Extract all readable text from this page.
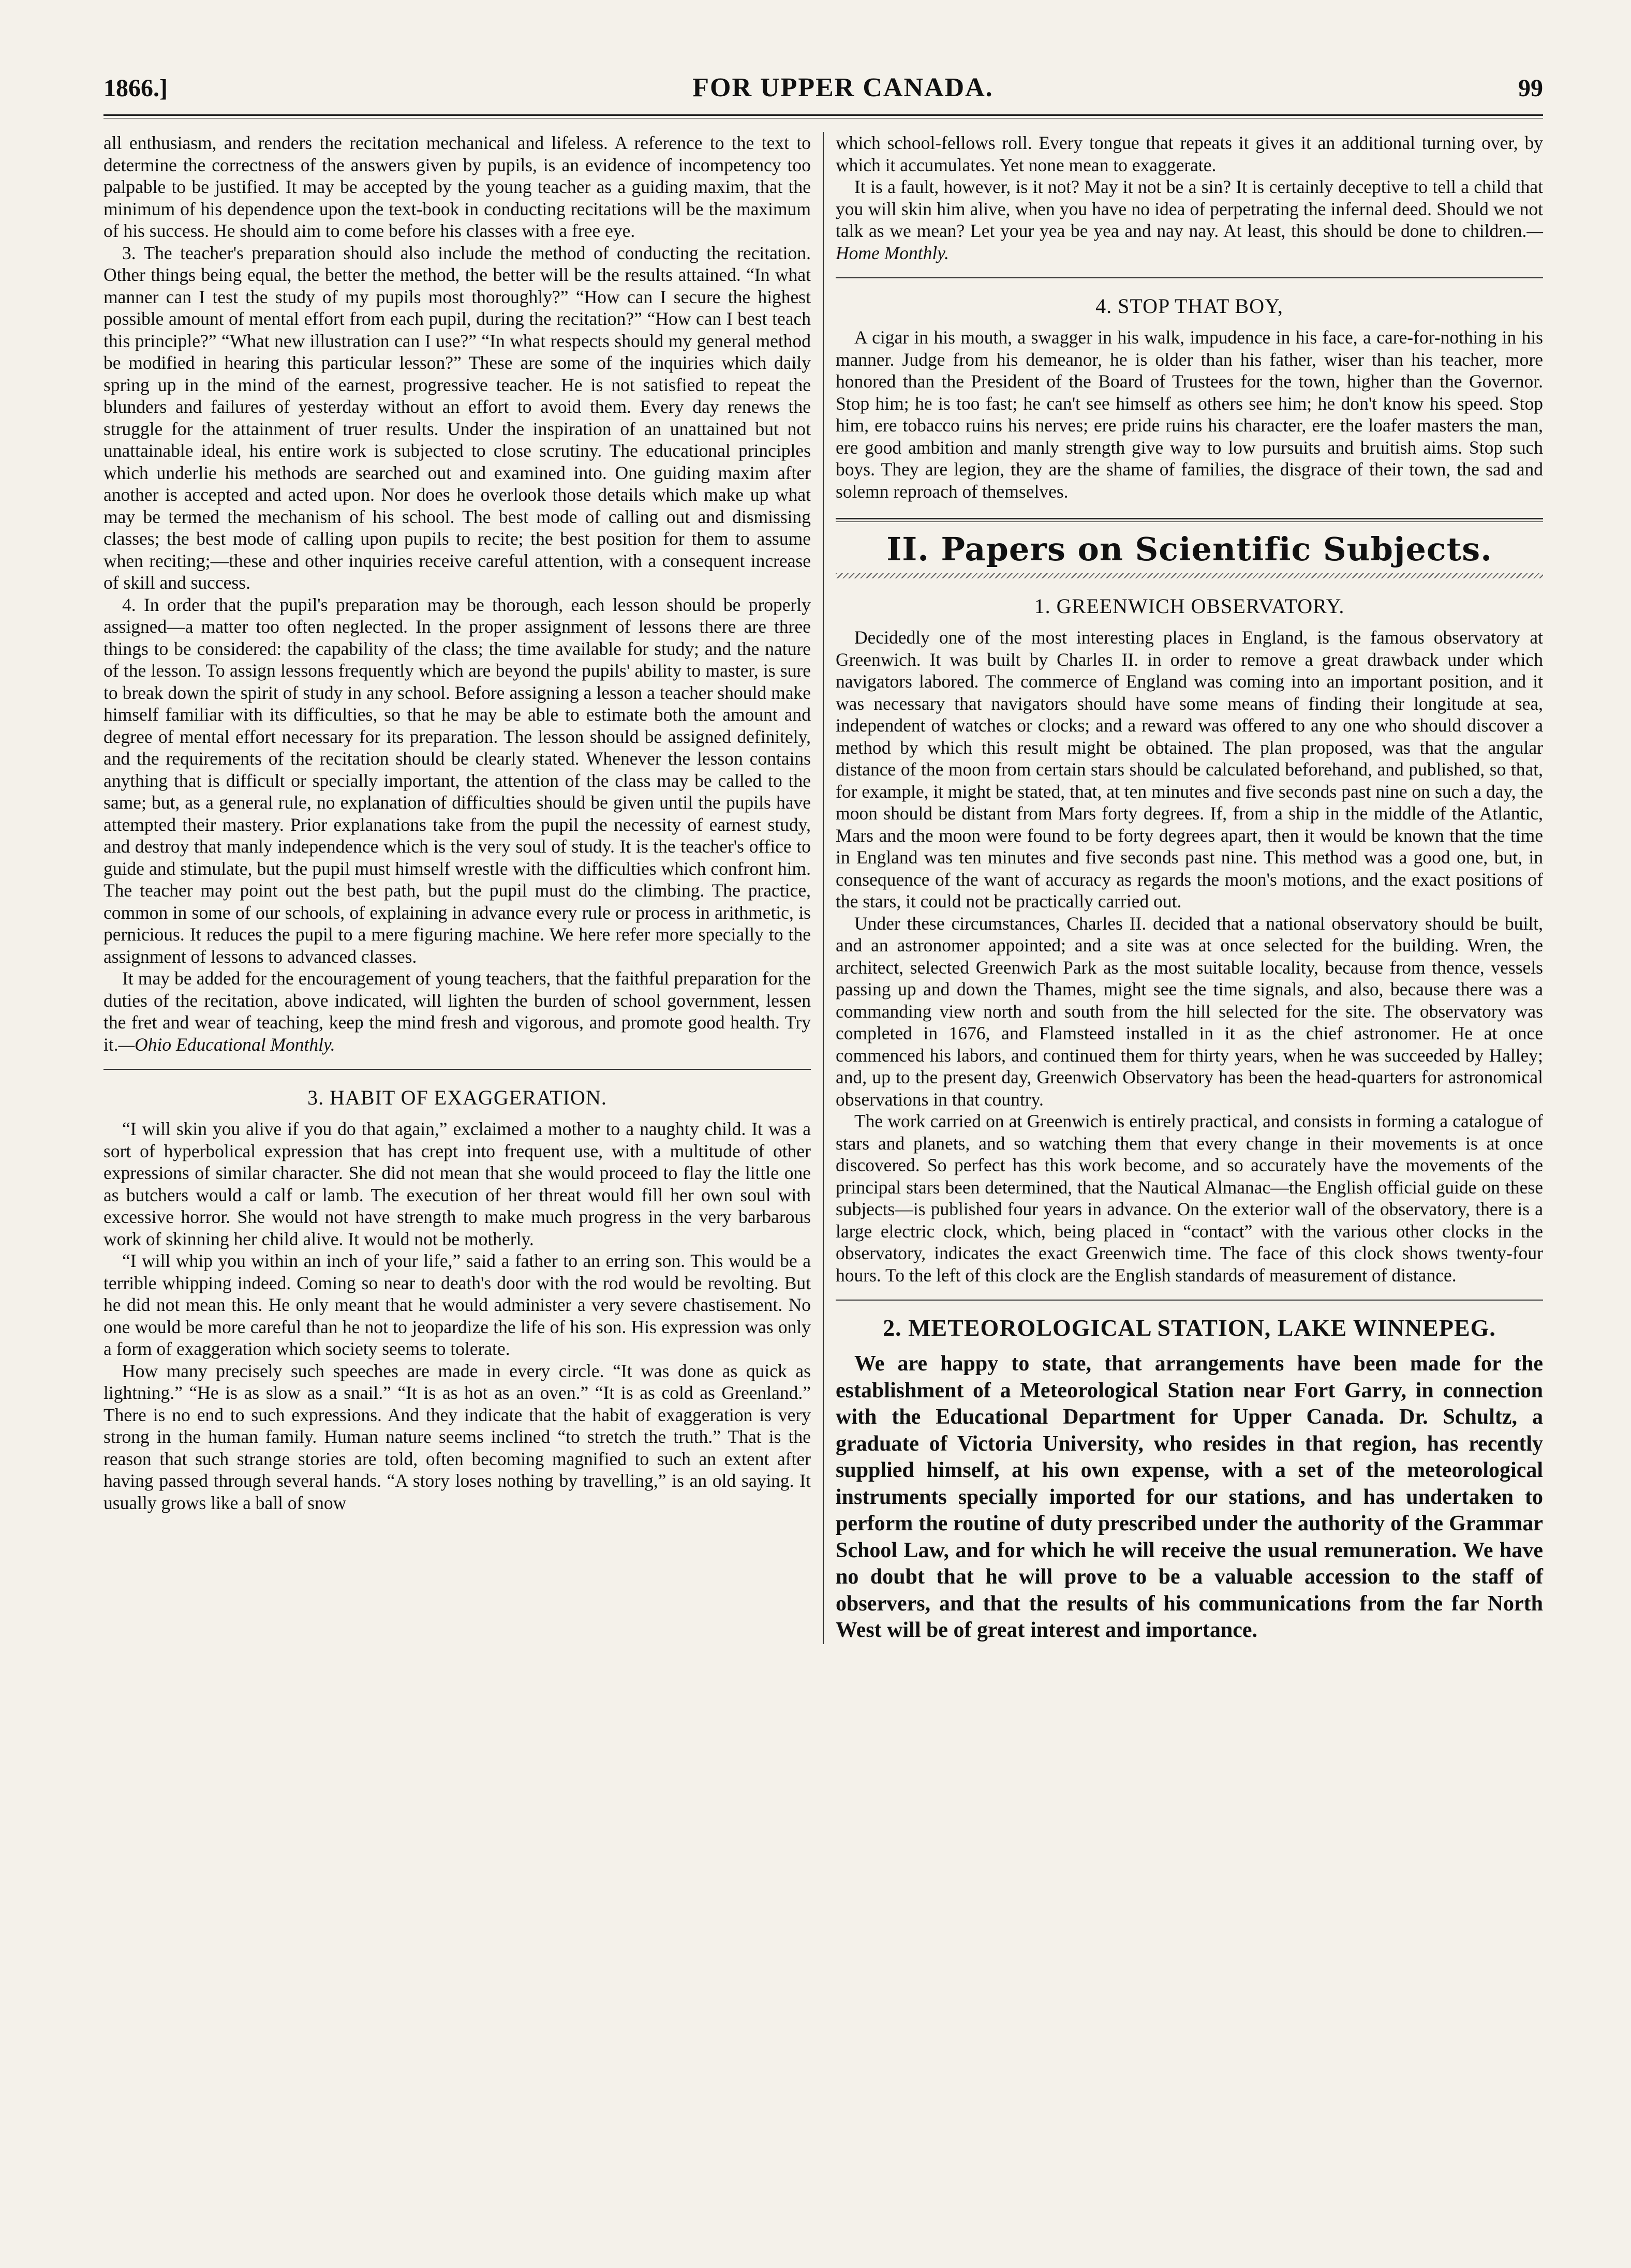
1866.]	FOR UPPER CANADA.	99

all enthusiasm, and renders the recitation mechanical and lifeless. A reference to the text to determine the correctness of the answers given by pupils, is an evidence of incompetency too palpable to be justified. It may be accepted by the young teacher as a guiding maxim, that the minimum of his dependence upon the text-book in conducting recitations will be the maximum of his success. He should aim to come before his classes with a free eye.

3. The teacher's preparation should also include the method of conducting the recitation. Other things being equal, the better the method, the better will be the results attained. “In what manner can I test the study of my pupils most thoroughly?” “How can I secure the highest possible amount of mental effort from each pupil, during the recitation?” “How can I best teach this principle?” “What new illustration can I use?” “In what respects should my general method be modified in hearing this particular lesson?” These are some of the inquiries which daily spring up in the mind of the earnest, progressive teacher. He is not satisfied to repeat the blunders and failures of yesterday without an effort to avoid them. Every day renews the struggle for the attainment of truer results. Under the inspiration of an unattained but not unattainable ideal, his entire work is subjected to close scrutiny. The educational principles which underlie his methods are searched out and examined into. One guiding maxim after another is accepted and acted upon. Nor does he overlook those details which make up what may be termed the mechanism of his school. The best mode of calling out and dismissing classes; the best mode of calling upon pupils to recite; the best position for them to assume when reciting;—these and other inquiries receive careful attention, with a consequent increase of skill and success.

4. In order that the pupil's preparation may be thorough, each lesson should be properly assigned—a matter too often neglected. In the proper assignment of lessons there are three things to be considered: the capability of the class; the time available for study; and the nature of the lesson. To assign lessons frequently which are beyond the pupils' ability to master, is sure to break down the spirit of study in any school. Before assigning a lesson a teacher should make himself familiar with its difficulties, so that he may be able to estimate both the amount and degree of mental effort necessary for its preparation. The lesson should be assigned definitely, and the requirements of the recitation should be clearly stated. Whenever the lesson contains anything that is difficult or specially important, the attention of the class may be called to the same; but, as a general rule, no explanation of difficulties should be given until the pupils have attempted their mastery. Prior explanations take from the pupil the necessity of earnest study, and destroy that manly independence which is the very soul of study. It is the teacher's office to guide and stimulate, but the pupil must himself wrestle with the difficulties which confront him. The teacher may point out the best path, but the pupil must do the climbing. The practice, common in some of our schools, of explaining in advance every rule or process in arithmetic, is pernicious. It reduces the pupil to a mere figuring machine. We here refer more specially to the assignment of lessons to advanced classes.

It may be added for the encouragement of young teachers, that the faithful preparation for the duties of the recitation, above indicated, will lighten the burden of school government, lessen the fret and wear of teaching, keep the mind fresh and vigorous, and promote good health. Try it.—Ohio Educational Monthly.

3. HABIT OF EXAGGERATION.

“I will skin you alive if you do that again,” exclaimed a mother to a naughty child. It was a sort of hyperbolical expression that has crept into frequent use, with a multitude of other expressions of similar character. She did not mean that she would proceed to flay the little one as butchers would a calf or lamb. The execution of her threat would fill her own soul with excessive horror. She would not have strength to make much progress in the very barbarous work of skinning her child alive. It would not be motherly.

“I will whip you within an inch of your life,” said a father to an erring son. This would be a terrible whipping indeed. Coming so near to death's door with the rod would be revolting. But he did not mean this. He only meant that he would administer a very severe chastisement. No one would be more careful than he not to jeopardize the life of his son. His expression was only a form of exaggeration which society seems to tolerate.

How many precisely such speeches are made in every circle. “It was done as quick as lightning.” “He is as slow as a snail.” “It is as hot as an oven.” “It is as cold as Greenland.” There is no end to such expressions. And they indicate that the habit of exaggeration is very strong in the human family. Human nature seems inclined “to stretch the truth.” That is the reason that such strange stories are told, often becoming magnified to such an extent after having passed through several hands. “A story loses nothing by travelling,” is an old saying. It usually grows like a ball of snow

which school-fellows roll. Every tongue that repeats it gives it an additional turning over, by which it accumulates. Yet none mean to exaggerate.

It is a fault, however, is it not? May it not be a sin? It is certainly deceptive to tell a child that you will skin him alive, when you have no idea of perpetrating the infernal deed. Should we not talk as we mean? Let your yea be yea and nay nay. At least, this should be done to children.—Home Monthly.

4. STOP THAT BOY,

A cigar in his mouth, a swagger in his walk, impudence in his face, a care-for-nothing in his manner. Judge from his demeanor, he is older than his father, wiser than his teacher, more honored than the President of the Board of Trustees for the town, higher than the Governor. Stop him; he is too fast; he can't see himself as others see him; he don't know his speed. Stop him, ere tobacco ruins his nerves; ere pride ruins his character, ere the loafer masters the man, ere good ambition and manly strength give way to low pursuits and bruitish aims. Stop such boys. They are legion, they are the shame of families, the disgrace of their town, the sad and solemn reproach of themselves.

II. Papers on Scientific Subjects.
1. GREENWICH OBSERVATORY.

Decidedly one of the most interesting places in England, is the famous observatory at Greenwich. It was built by Charles II. in order to remove a great drawback under which navigators labored. The commerce of England was coming into an important position, and it was necessary that navigators should have some means of finding their longitude at sea, independent of watches or clocks; and a reward was offered to any one who should discover a method by which this result might be obtained. The plan proposed, was that the angular distance of the moon from certain stars should be calculated beforehand, and published, so that, for example, it might be stated, that, at ten minutes and five seconds past nine on such a day, the moon should be distant from Mars forty degrees. If, from a ship in the middle of the Atlantic, Mars and the moon were found to be forty degrees apart, then it would be known that the time in England was ten minutes and five seconds past nine. This method was a good one, but, in consequence of the want of accuracy as regards the moon's motions, and the exact positions of the stars, it could not be practically carried out.

Under these circumstances, Charles II. decided that a national observatory should be built, and an astronomer appointed; and a site was at once selected for the building. Wren, the architect, selected Greenwich Park as the most suitable locality, because from thence, vessels passing up and down the Thames, might see the time signals, and also, because there was a commanding view north and south from the hill selected for the site. The observatory was completed in 1676, and Flamsteed installed in it as the chief astronomer. He at once commenced his labors, and continued them for thirty years, when he was succeeded by Halley; and, up to the present day, Greenwich Observatory has been the head-quarters for astronomical observations in that country.

The work carried on at Greenwich is entirely practical, and consists in forming a catalogue of stars and planets, and so watching them that every change in their movements is at once discovered. So perfect has this work become, and so accurately have the movements of the principal stars been determined, that the Nautical Almanac—the English official guide on these subjects—is published four years in advance. On the exterior wall of the observatory, there is a large electric clock, which, being placed in “contact” with the various other clocks in the observatory, indicates the exact Greenwich time. The face of this clock shows twenty-four hours. To the left of this clock are the English standards of measurement of distance.

2. METEOROLOGICAL STATION, LAKE WINNEPEG.

We are happy to state, that arrangements have been made for the establishment of a Meteorological Station near Fort Garry, in connection with the Educational Department for Upper Canada. Dr. Schultz, a graduate of Victoria University, who resides in that region, has recently supplied himself, at his own expense, with a set of the meteorological instruments specially imported for our stations, and has undertaken to perform the routine of duty prescribed under the authority of the Grammar School Law, and for which he will receive the usual remuneration. We have no doubt that he will prove to be a valuable accession to the staff of observers, and that the results of his communications from the far North West will be of great interest and importance.
